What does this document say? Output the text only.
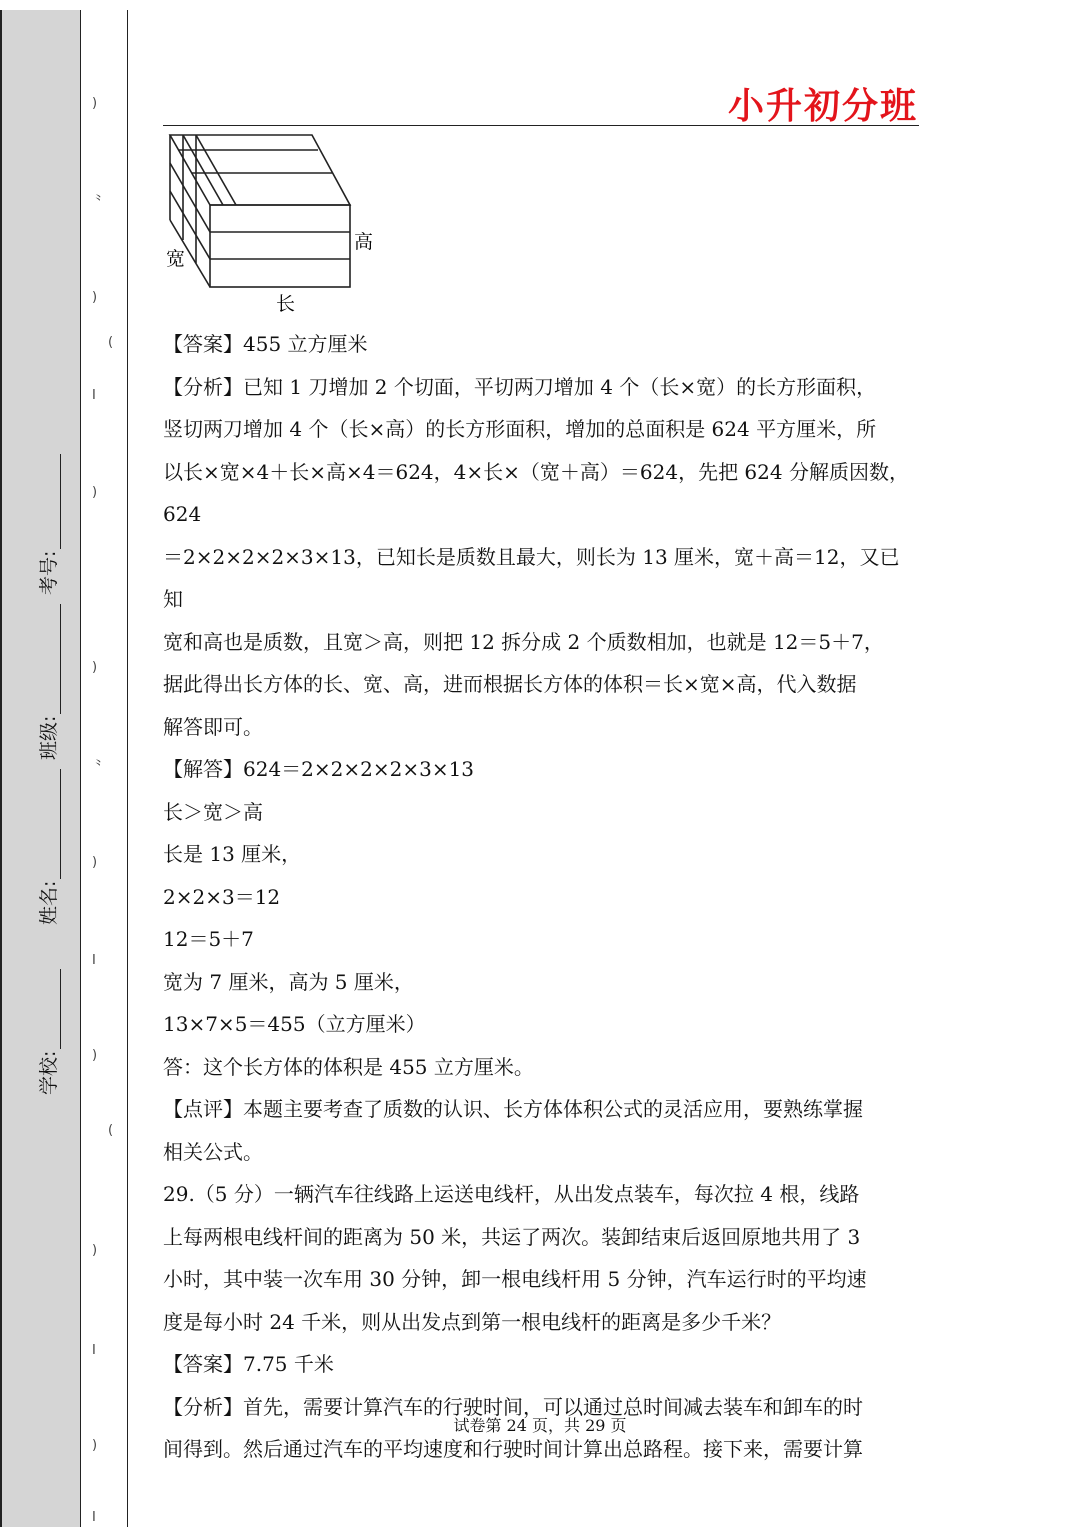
)
⺀
)
(
I
)
)
⺀
)
I
)
(
)
I
)
I
学校:
姓名:
班级:
考号:
小升初分班
宽
高
长

【答案】455 立方厘米

【分析】已知 1 刀增加 2 个切面，平切两刀增加 4 个（长×宽）的长方形面积，

竖切两刀增加 4 个（长×高）的长方形面积，增加的总面积是 624 平方厘米，所

以长×宽×4＋长×高×4＝624，4×长×（宽＋高）＝624，先把 624 分解质因数，624

＝2×2×2×2×3×13，已知长是质数且最大，则长为 13 厘米，宽＋高＝12，又已知

宽和高也是质数，且宽＞高，则把 12 拆分成 2 个质数相加，也就是 12＝5＋7，

据此得出长方体的长、宽、高，进而根据长方体的体积＝长×宽×高，代入数据

解答即可。

【解答】624＝2×2×2×2×3×13

长＞宽＞高

长是 13 厘米，

2×2×3＝12

12＝5＋7

宽为 7 厘米，高为 5 厘米，

13×7×5＝455（立方厘米）

答：这个长方体的体积是 455 立方厘米。

【点评】本题主要考查了质数的认识、长方体体积公式的灵活应用，要熟练掌握

相关公式。

29.（5 分）一辆汽车往线路上运送电线杆，从出发点装车，每次拉 4 根，线路

上每两根电线杆间的距离为 50 米，共运了两次。装卸结束后返回原地共用了 3

小时，其中装一次车用 30 分钟，卸一根电线杆用 5 分钟，汽车运行时的平均速

度是每小时 24 千米，则从出发点到第一根电线杆的距离是多少千米？

【答案】7.75 千米

【分析】首先，需要计算汽车的行驶时间，可以通过总时间减去装车和卸车的时

间得到。然后通过汽车的平均速度和行驶时间计算出总路程。接下来，需要计算

试卷第 24 页，共 29 页
